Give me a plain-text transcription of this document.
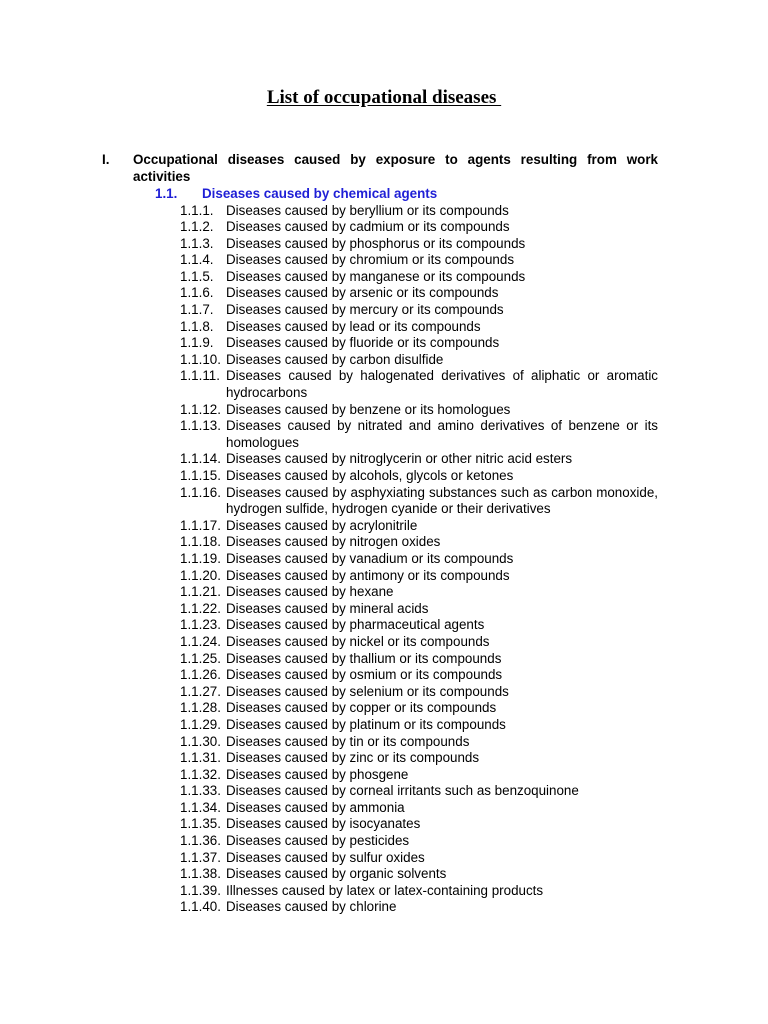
List of occupational diseases
I. Occupational diseases caused by exposure to agents resulting from work activities
1.1. Diseases caused by chemical agents
1.1.1. Diseases caused by beryllium or its compounds
1.1.2. Diseases caused by cadmium or its compounds
1.1.3. Diseases caused by phosphorus or its compounds
1.1.4. Diseases caused by chromium or its compounds
1.1.5. Diseases caused by manganese or its compounds
1.1.6. Diseases caused by arsenic or its compounds
1.1.7. Diseases caused by mercury or its compounds
1.1.8. Diseases caused by lead or its compounds
1.1.9. Diseases caused by fluoride or its compounds
1.1.10. Diseases caused by carbon disulfide
1.1.11. Diseases caused by halogenated derivatives of aliphatic or aromatic hydrocarbons
1.1.12. Diseases caused by benzene or its homologues
1.1.13. Diseases caused by nitrated and amino derivatives of benzene or its homologues
1.1.14. Diseases caused by nitroglycerin or other nitric acid esters
1.1.15. Diseases caused by alcohols, glycols or ketones
1.1.16. Diseases caused by asphyxiating substances such as carbon monoxide, hydrogen sulfide, hydrogen cyanide or their derivatives
1.1.17. Diseases caused by acrylonitrile
1.1.18. Diseases caused by nitrogen oxides
1.1.19. Diseases caused by vanadium or its compounds
1.1.20. Diseases caused by antimony or its compounds
1.1.21. Diseases caused by hexane
1.1.22. Diseases caused by mineral acids
1.1.23. Diseases caused by pharmaceutical agents
1.1.24. Diseases caused by nickel or its compounds
1.1.25. Diseases caused by thallium or its compounds
1.1.26. Diseases caused by osmium or its compounds
1.1.27. Diseases caused by selenium or its compounds
1.1.28. Diseases caused by copper or its compounds
1.1.29. Diseases caused by platinum or its compounds
1.1.30. Diseases caused by tin or its compounds
1.1.31. Diseases caused by zinc or its compounds
1.1.32. Diseases caused by phosgene
1.1.33. Diseases caused by corneal irritants such as benzoquinone
1.1.34. Diseases caused by ammonia
1.1.35. Diseases caused by isocyanates
1.1.36. Diseases caused by pesticides
1.1.37. Diseases caused by sulfur oxides
1.1.38. Diseases caused by organic solvents
1.1.39. Illnesses caused by latex or latex-containing products
1.1.40. Diseases caused by chlorine
